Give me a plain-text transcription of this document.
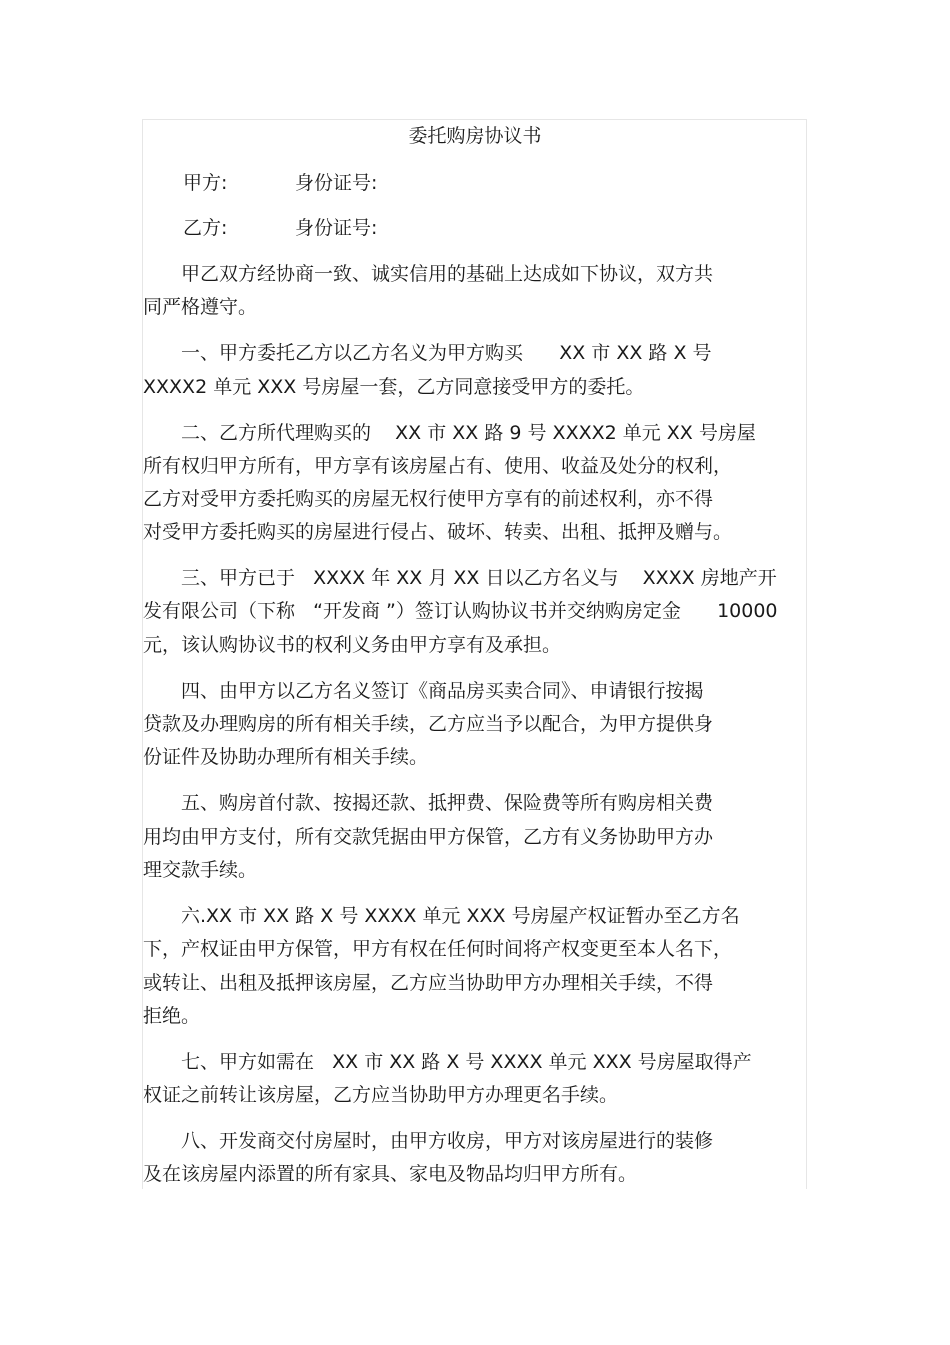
委托购房协议书
甲方:	身份证号:
乙方:	身份证号:
甲乙双方经协商一致、诚实信用的基础上达成如下协议，双方共
同严格遵守。
一、甲方委托乙方以乙方名义为甲方购买      XX 市 XX 路 X 号
XXXX2 单元 XXX 号房屋一套，乙方同意接受甲方的委托。
二、乙方所代理购买的    XX 市 XX 路 9 号 XXXX2 单元 XX 号房屋
所有权归甲方所有，甲方享有该房屋占有、使用、收益及处分的权利，
乙方对受甲方委托购买的房屋无权行使甲方享有的前述权利，亦不得
对受甲方委托购买的房屋进行侵占、破坏、转卖、出租、抵押及赠与。
三、甲方已于   XXXX 年 XX 月 XX 日以乙方名义与    XXXX 房地产开
发有限公司（下称   “开发商 ”）签订认购协议书并交纳购房定金      10000
元，该认购协议书的权利义务由甲方享有及承担。
四、由甲方以乙方名义签订《商品房买卖合同》、申请银行按揭
贷款及办理购房的所有相关手续，乙方应当予以配合，为甲方提供身
份证件及协助办理所有相关手续。
五、购房首付款、按揭还款、抵押费、保险费等所有购房相关费
用均由甲方支付，所有交款凭据由甲方保管，乙方有义务协助甲方办
理交款手续。
六.XX 市 XX 路 X 号 XXXX 单元 XXX 号房屋产权证暂办至乙方名
下，产权证由甲方保管，甲方有权在任何时间将产权变更至本人名下，
或转让、出租及抵押该房屋，乙方应当协助甲方办理相关手续，不得
拒绝。
七、甲方如需在   XX 市 XX 路 X 号 XXXX 单元 XXX 号房屋取得产
权证之前转让该房屋，乙方应当协助甲方办理更名手续。
八、开发商交付房屋时，由甲方收房，甲方对该房屋进行的装修
及在该房屋内添置的所有家具、家电及物品均归甲方所有。
